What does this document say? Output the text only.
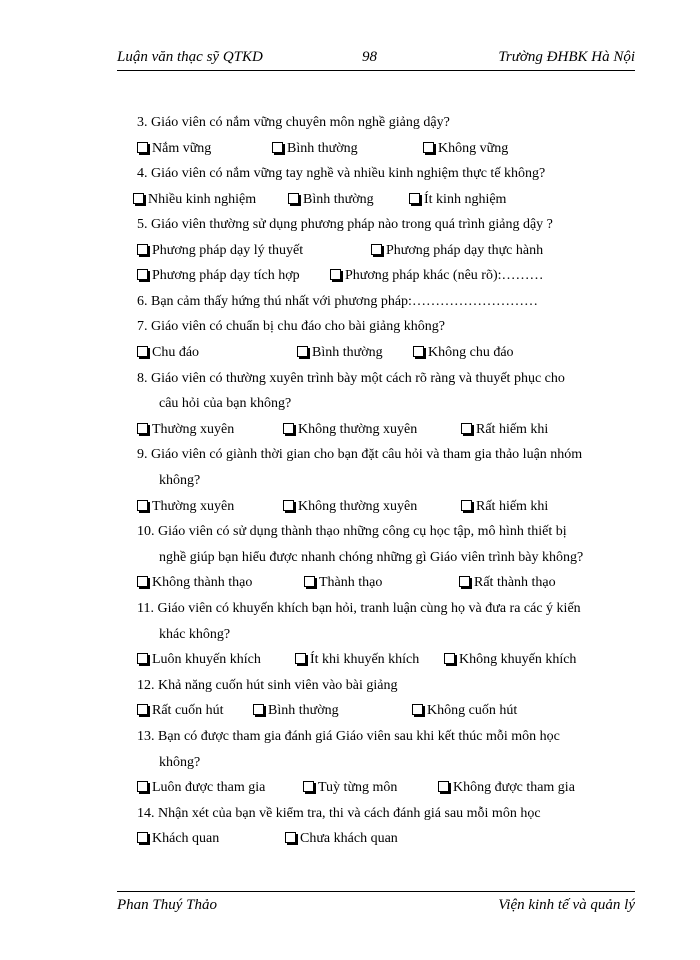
Luận văn thạc sỹ QTKD	98	Trường ĐHBK Hà Nội
3. Giáo viên có nắm vững chuyên môn nghề giảng dậy?
Nắm vững	Bình thường	Không vững
4. Giáo viên có nắm vững tay nghề và nhiều kinh nghiệm thực tế không?
Nhiều kinh nghiệm	Bình thường	Ít kinh nghiệm
5. Giáo viên thường sử dụng phương pháp nào trong quá trình giảng dậy ?
Phương pháp dạy lý thuyết	Phương pháp dạy thực hành
Phương pháp dạy tích hợp	Phương pháp khác (nêu rõ):………
6. Bạn cảm thấy hứng thú nhất với phương pháp:………………………
7. Giáo viên có chuẩn bị chu đáo cho bài giảng không?
Chu đáo	Bình thường	Không chu đáo
8. Giáo viên có thường xuyên trình bày một cách rõ ràng và thuyết phục cho
câu hỏi của bạn không?
Thường xuyên	Không thường xuyên	Rất hiếm khi
9. Giáo viên có giành thời gian cho bạn đặt câu hỏi và tham gia thảo luận nhóm
không?
Thường xuyên	Không thường xuyên	Rất hiếm khi
10. Giáo viên có sử dụng thành thạo những công cụ học tập, mô hình thiết bị
nghề giúp bạn hiểu được nhanh chóng những gì Giáo viên trình bày không?
Không thành thạo	Thành thạo	Rất thành thạo
11. Giáo viên có khuyến khích bạn hỏi, tranh luận cùng họ và đưa ra các ý kiến
khác không?
Luôn khuyến khích	Ít khi khuyến khích	Không khuyến khích
12. Khả năng cuốn hút sinh viên vào bài giảng
Rất cuốn hút	Bình thường	Không cuốn hút
13. Bạn có được tham gia đánh giá Giáo viên sau khi kết thúc mỗi môn học
không?
Luôn được tham gia	Tuỳ từng môn	Không được tham gia
14. Nhận xét của bạn về kiểm tra, thi và cách đánh giá sau mỗi môn học
Khách quan	Chưa khách quan
Phan Thuý Thảo	Viện kinh tế và quản lý
